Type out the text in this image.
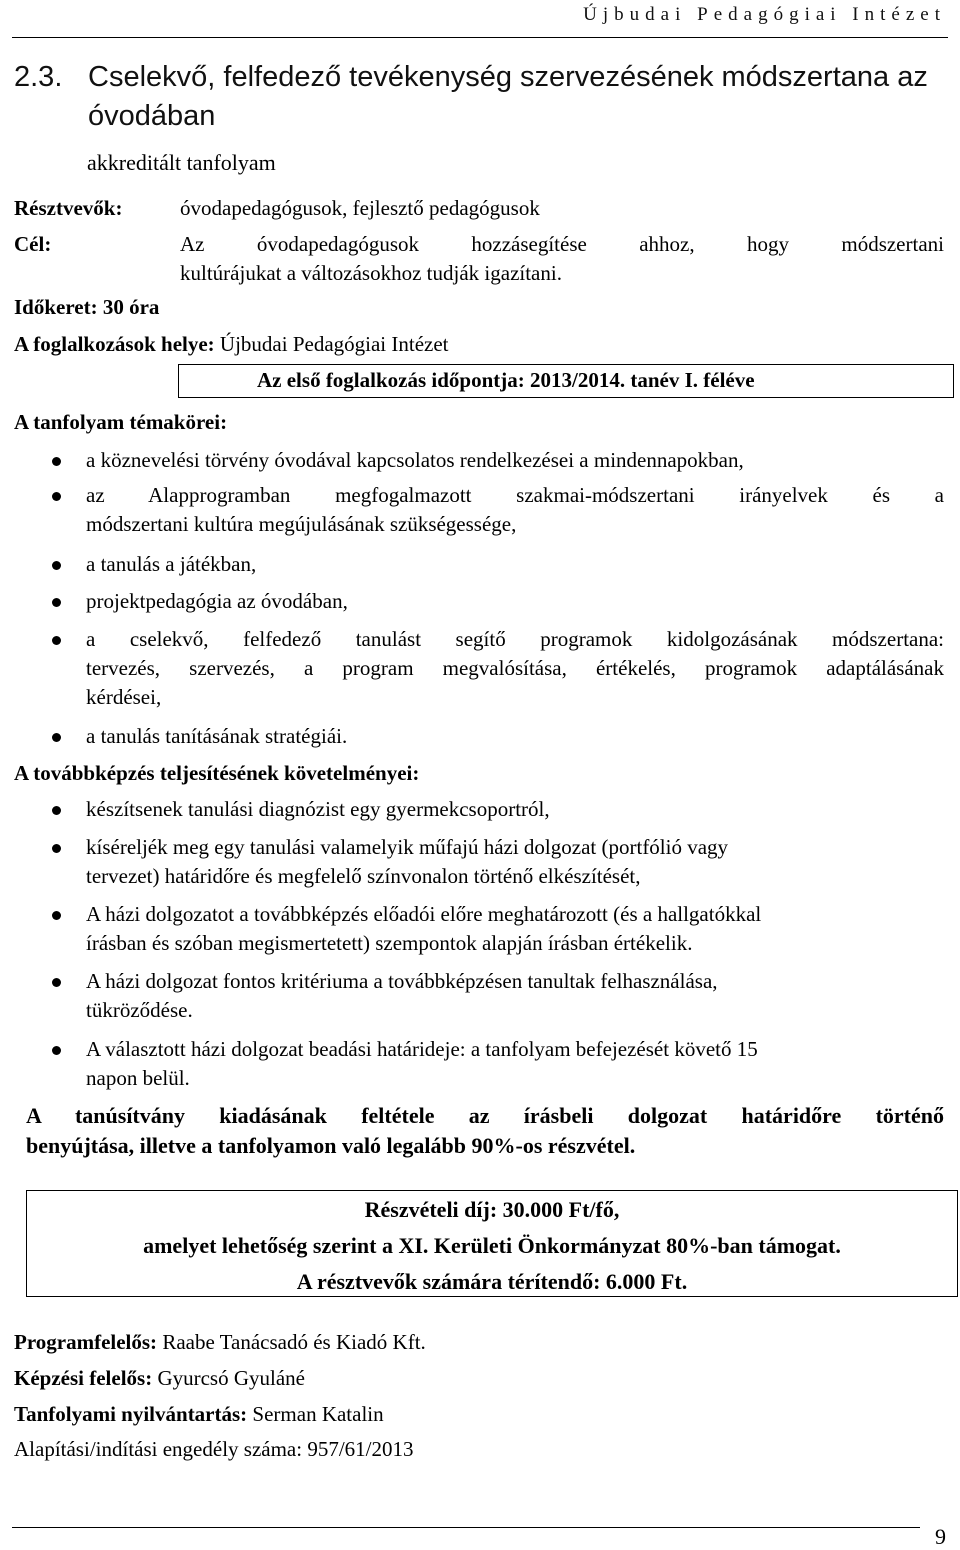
Újbudai Pedagógiai Intézet
2.3. Cselekvő, felfedező tevékenység szervezésének módszertana az óvodában
akkreditált tanfolyam
Résztvevők:	óvodapedagógusok, fejlesztő pedagógusok
Cél:	Az óvodapedagógusok hozzásegítése ahhoz, hogy módszertani
kultúrájukat a változásokhoz tudják igazítani.
Időkeret: 30 óra
A foglalkozások helye: Újbudai Pedagógiai Intézet
Az első foglalkozás időpontja: 2013/2014. tanév I. féléve
A tanfolyam témakörei:
a köznevelési törvény óvodával kapcsolatos rendelkezései a mindennapokban,
az Alapprogramban megfogalmazott szakmai-módszertani irányelvek és a
módszertani kultúra megújulásának szükségessége,
a tanulás a játékban,
projektpedagógia az óvodában,
a cselekvő, felfedező tanulást segítő programok kidolgozásának módszertana:
tervezés, szervezés, a program megvalósítása, értékelés, programok adaptálásának
kérdései,
a tanulás tanításának stratégiái.
A továbbképzés teljesítésének követelményei:
készítsenek tanulási diagnózist egy gyermekcsoportról,
kíséreljék meg egy tanulási valamelyik műfajú házi dolgozat (portfólió vagy
tervezet) határidőre és megfelelő színvonalon történő elkészítését,
A házi dolgozatot a továbbképzés előadói előre meghatározott (és a hallgatókkal
írásban és szóban megismertetett) szempontok alapján írásban értékelik.
A házi dolgozat fontos kritériuma a továbbképzésen tanultak felhasználása,
tükröződése.
A választott házi dolgozat beadási határideje: a tanfolyam befejezését követő 15
napon belül.
A tanúsítvány kiadásának feltétele az írásbeli dolgozat határidőre történő
benyújtása, illetve a tanfolyamon való legalább 90%-os részvétel.
Részvételi díj: 30.000 Ft/fő,
amelyet lehetőség szerint a XI. Kerületi Önkormányzat 80%-ban támogat.
A résztvevők számára térítendő: 6.000 Ft.
Programfelelős: Raabe Tanácsadó és Kiadó Kft.
Képzési felelős: Gyurcsó Gyuláné
Tanfolyami nyilvántartás: Serman Katalin
Alapítási/indítási engedély száma: 957/61/2013
9
